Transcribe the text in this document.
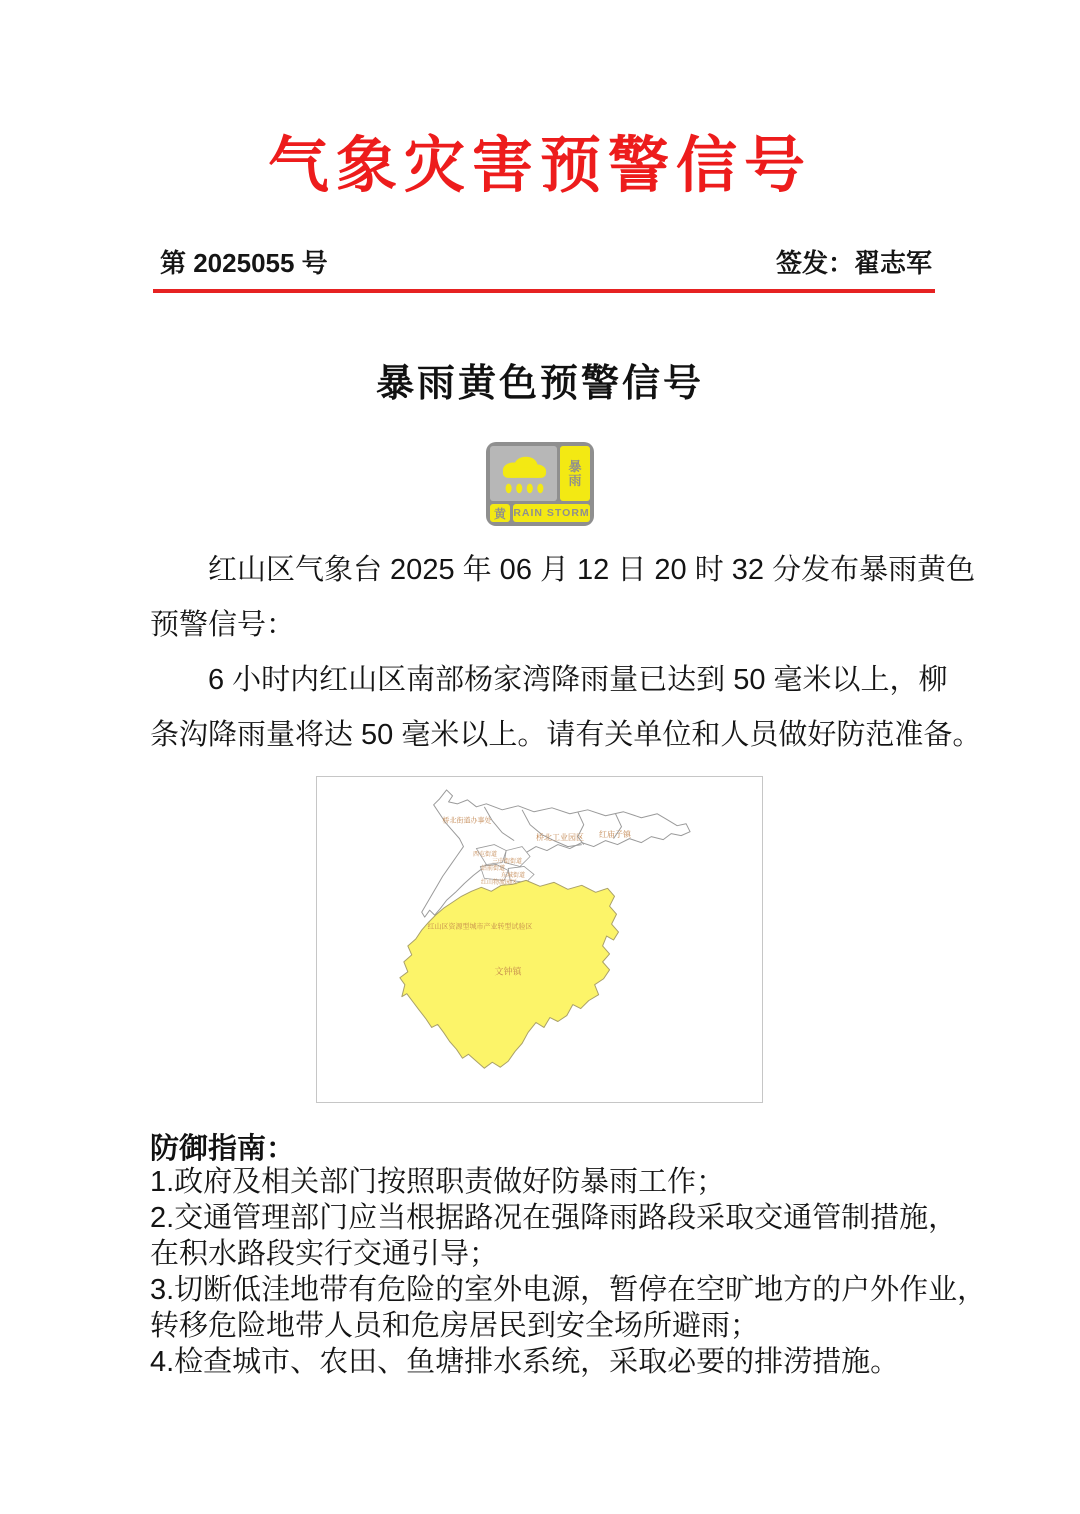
气象灾害预警信号
第 2025055 号	签发：翟志军
暴雨黄色预警信号
暴雨
黄 RAIN STORM
红山区气象台 2025 年 06 月 12 日 20 时 32 分发布暴雨黄色
预警信号：
6 小时内红山区南部杨家湾降雨量已达到 50 毫米以上，柳
条沟降雨量将达 50 毫米以上。请有关单位和人员做好防范准备。
桥北街道办事处
桥北工业园区 红庙子镇
西屯街道
三中街街道
站前街道
东城街道
红山物流园区
红山区资源型城市产业转型试验区
文钟镇
防御指南：
1.政府及相关部门按照职责做好防暴雨工作；
2.交通管理部门应当根据路况在强降雨路段采取交通管制措施，
在积水路段实行交通引导；
3.切断低洼地带有危险的室外电源，暂停在空旷地方的户外作业，
转移危险地带人员和危房居民到安全场所避雨；
4.检查城市、农田、鱼塘排水系统，采取必要的排涝措施。
